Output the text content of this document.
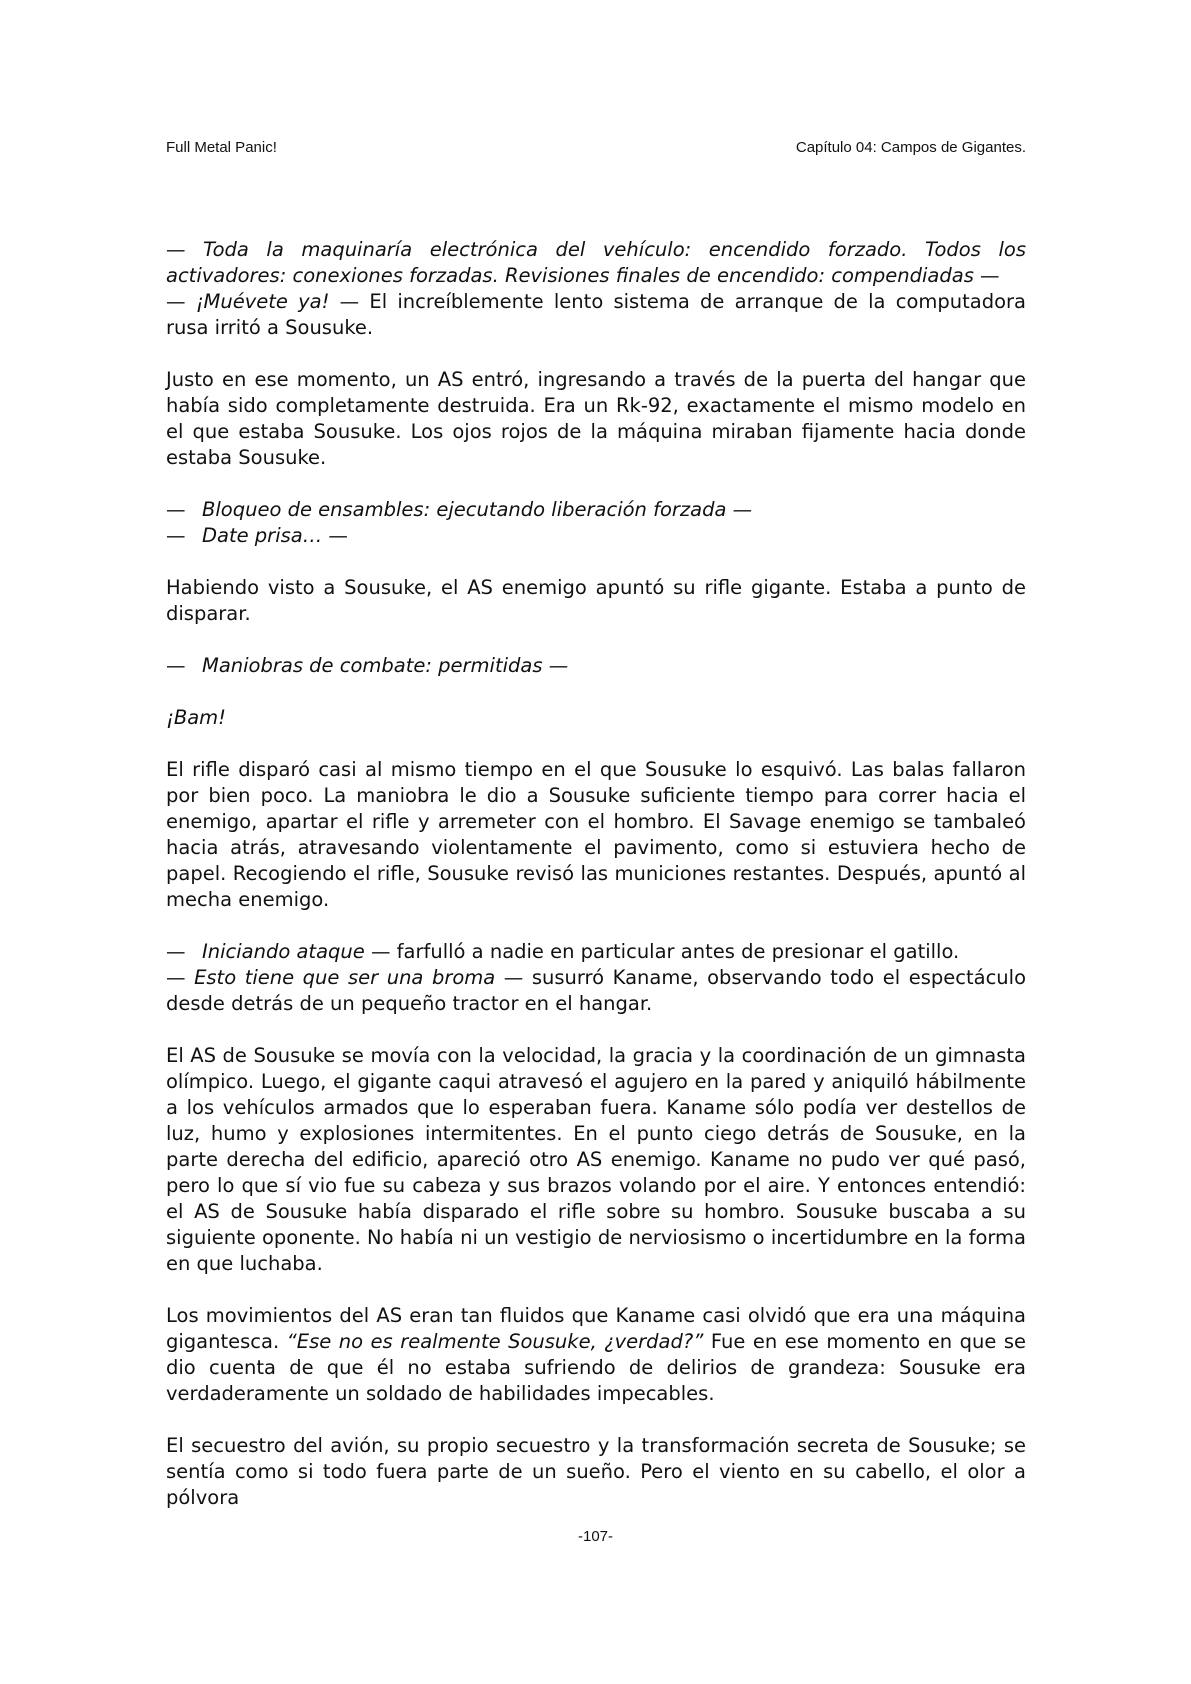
Full Metal Panic!	Capítulo 04: Campos de Gigantes.
— Toda la maquinaría electrónica del vehículo: encendido forzado. Todos los activadores: conexiones forzadas. Revisiones finales de encendido: compendiadas —
— ¡Muévete ya! — El increíblemente lento sistema de arranque de la computadora rusa irritó a Sousuke.
Justo en ese momento, un AS entró, ingresando a través de la puerta del hangar que había sido completamente destruida. Era un Rk-92, exactamente el mismo modelo en el que estaba Sousuke. Los ojos rojos de la máquina miraban fijamente hacia donde estaba Sousuke.
— Bloqueo de ensambles: ejecutando liberación forzada —
— Date prisa… —
Habiendo visto a Sousuke, el AS enemigo apuntó su rifle gigante. Estaba a punto de disparar.
— Maniobras de combate: permitidas —
¡Bam!
El rifle disparó casi al mismo tiempo en el que Sousuke lo esquivó. Las balas fallaron por bien poco. La maniobra le dio a Sousuke suficiente tiempo para correr hacia el enemigo, apartar el rifle y arremeter con el hombro. El Savage enemigo se tambaleó hacia atrás, atravesando violentamente el pavimento, como si estuviera hecho de papel. Recogiendo el rifle, Sousuke revisó las municiones restantes. Después, apuntó al mecha enemigo.
— Iniciando ataque — farfulló a nadie en particular antes de presionar el gatillo.
— Esto tiene que ser una broma — susurró Kaname, observando todo el espectáculo desde detrás de un pequeño tractor en el hangar.
El AS de Sousuke se movía con la velocidad, la gracia y la coordinación de un gimnasta olímpico. Luego, el gigante caqui atravesó el agujero en la pared y aniquiló hábilmente a los vehículos armados que lo esperaban fuera. Kaname sólo podía ver destellos de luz, humo y explosiones intermitentes. En el punto ciego detrás de Sousuke, en la parte derecha del edificio, apareció otro AS enemigo. Kaname no pudo ver qué pasó, pero lo que sí vio fue su cabeza y sus brazos volando por el aire. Y entonces entendió: el AS de Sousuke había disparado el rifle sobre su hombro. Sousuke buscaba a su siguiente oponente. No había ni un vestigio de nerviosismo o incertidumbre en la forma en que luchaba.
Los movimientos del AS eran tan fluidos que Kaname casi olvidó que era una máquina gigantesca. “Ese no es realmente Sousuke, ¿verdad?” Fue en ese momento en que se dio cuenta de que él no estaba sufriendo de delirios de grandeza: Sousuke era verdaderamente un soldado de habilidades impecables.
El secuestro del avión, su propio secuestro y la transformación secreta de Sousuke; se sentía como si todo fuera parte de un sueño. Pero el viento en su cabello, el olor a pólvora
-107-
